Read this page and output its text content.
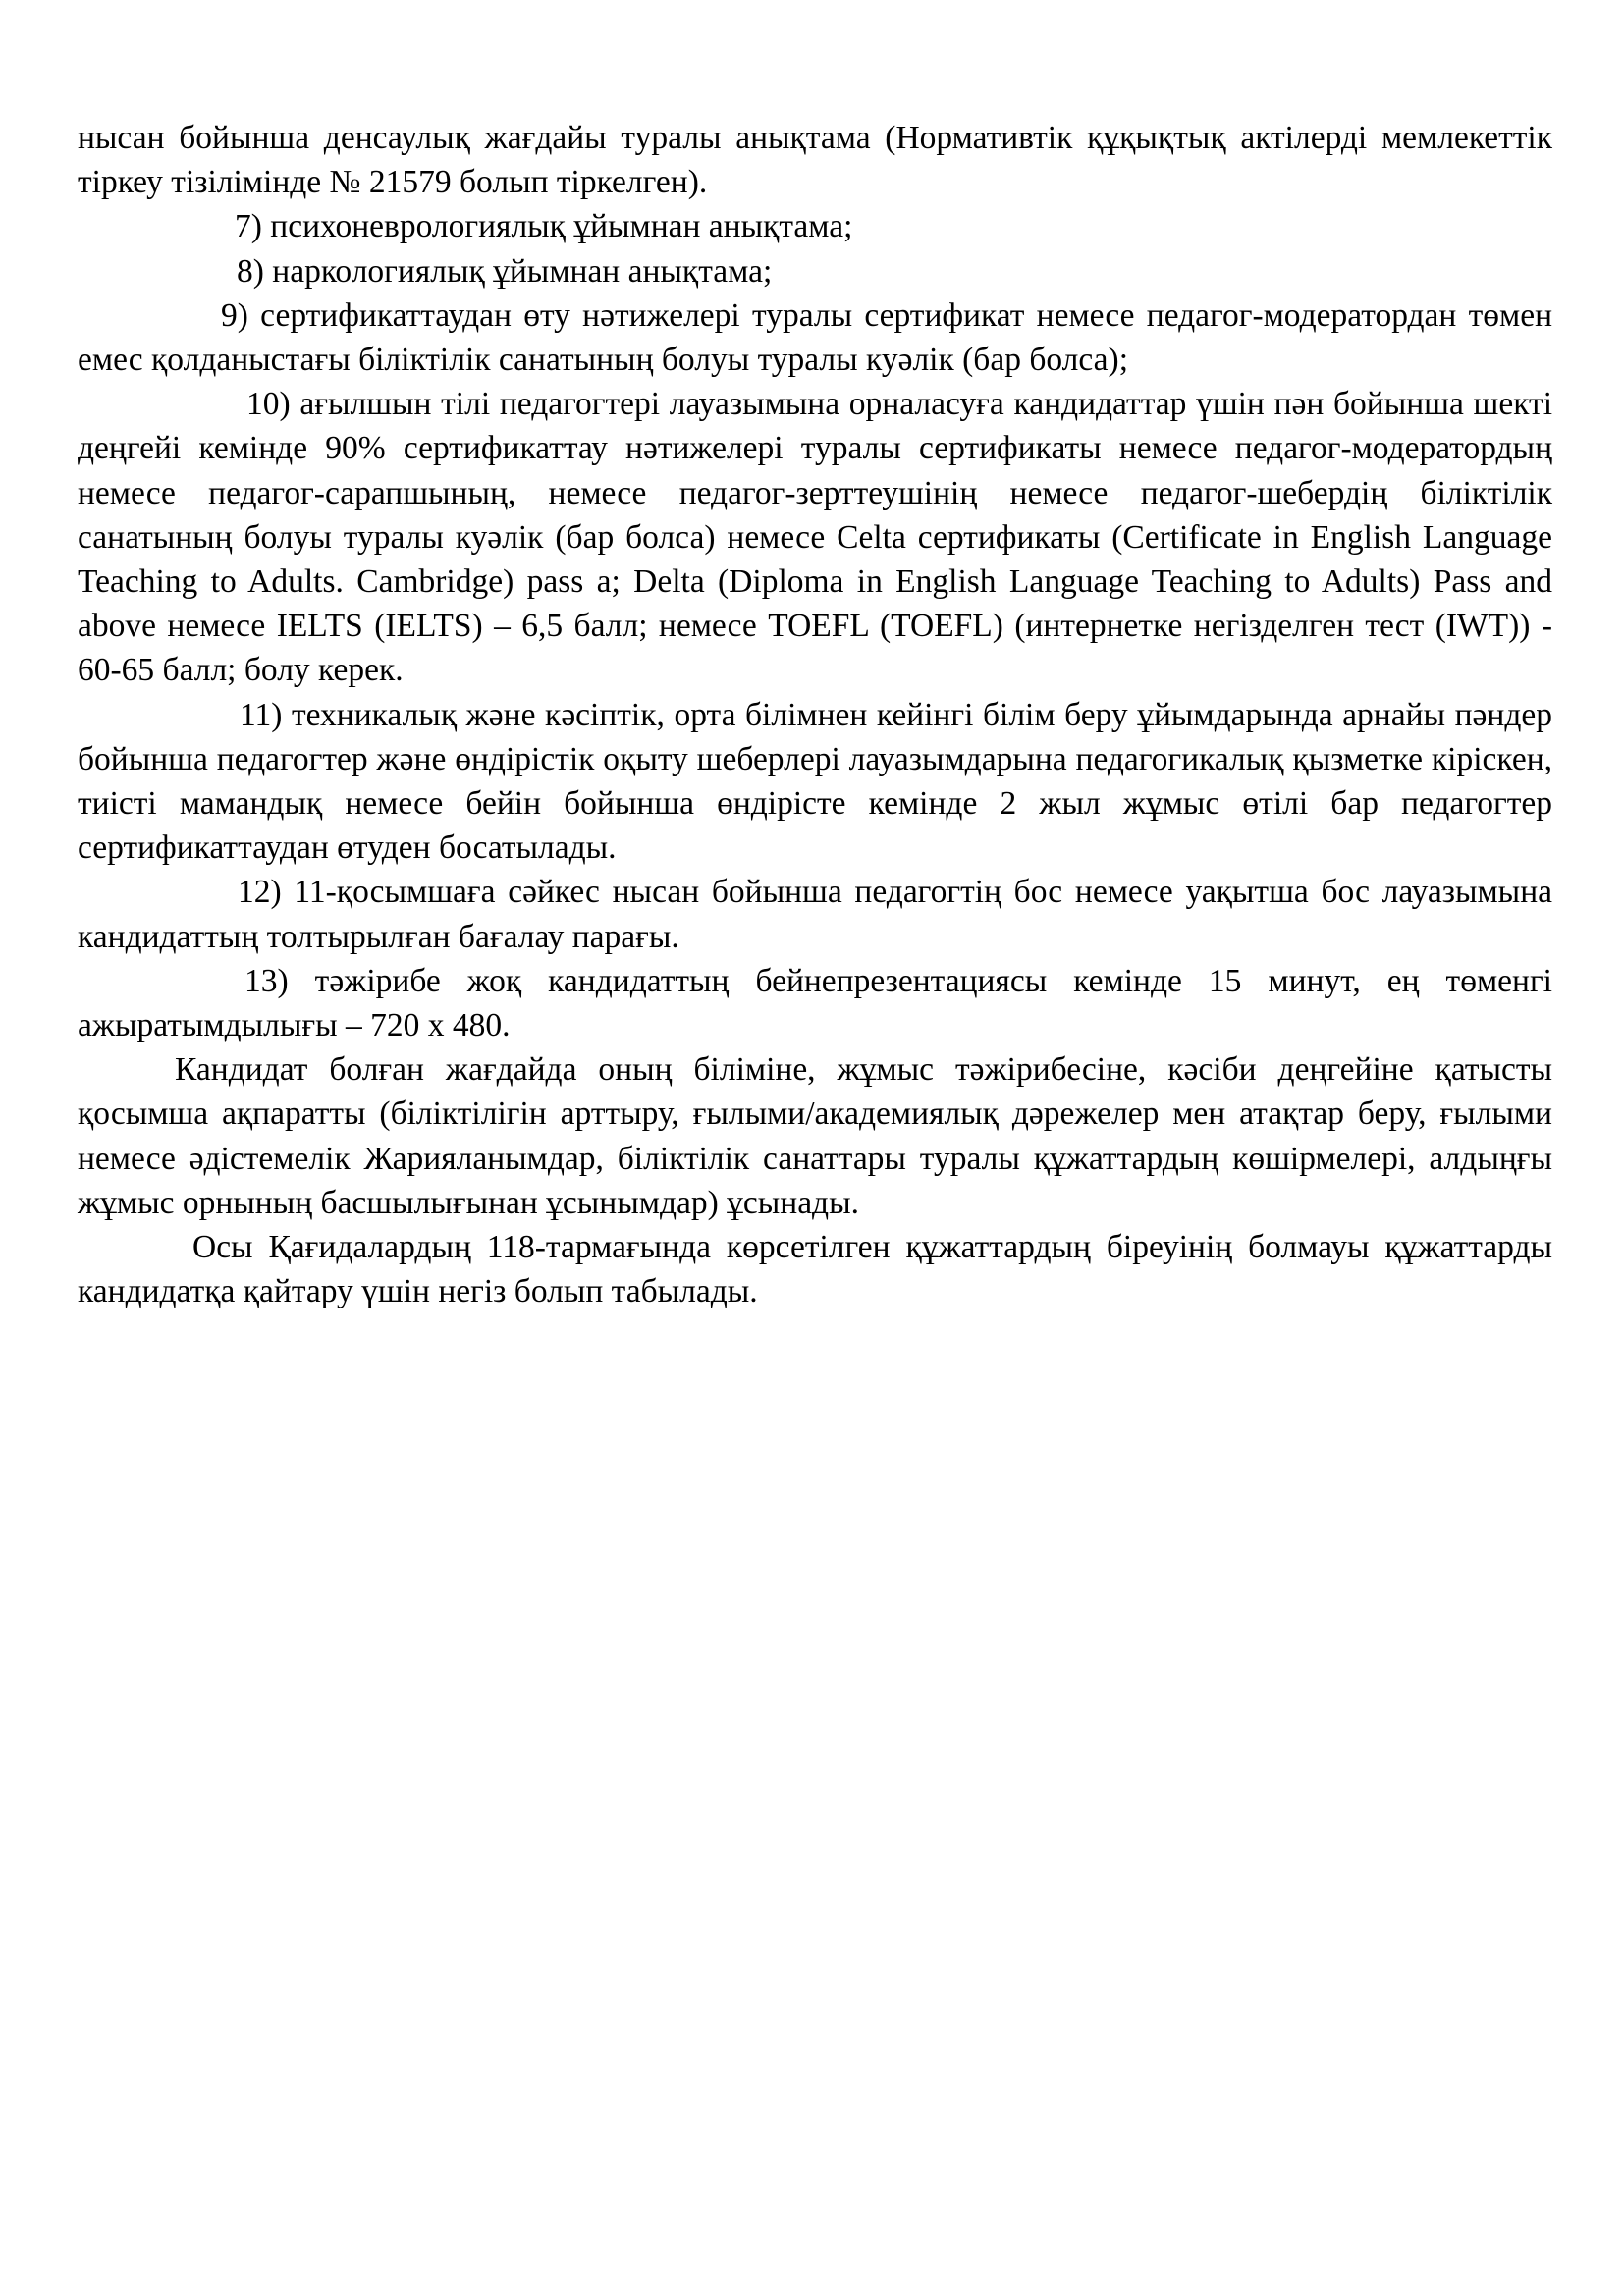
нысан бойынша денсаулық жағдайы туралы анықтама (Нормативтік құқықтық актілерді мемлекеттік тіркеу тізілімінде № 21579 болып тіркелген).

7) психоневрологиялық ұйымнан анықтама;

8) наркологиялық ұйымнан анықтама;

9) сертификаттаудан өту нәтижелері туралы сертификат немесе педагог-модератордан төмен емес қолданыстағы біліктілік санатының болуы туралы куәлік (бар болса);

10) ағылшын тілі педагогтері лауазымына орналасуға кандидаттар үшін пән бойынша шекті деңгейі кемінде 90% сертификаттау нәтижелері туралы сертификаты немесе педагог-модератордың немесе педагог-сарапшының, немесе педагог-зерттеушінің немесе педагог-шебердің біліктілік санатының болуы туралы куәлік (бар болса) немесе Celta сертификаты (Certificate in English Language Teaching to Adults. Cambridge) pass a; Delta (Diploma in English Language Teaching to Adults) Pass and above немесе IELTS (IELTS) – 6,5 балл; немесе TOEFL (TOEFL) (интернетке негізделген тест (IWT)) - 60-65 балл; болу керек.

11) техникалық және кәсіптік, орта білімнен кейінгі білім беру ұйымдарында арнайы пәндер бойынша педагогтер және өндірістік оқыту шеберлері лауазымдарына педагогикалық қызметке кіріскен, тиісті мамандық немесе бейін бойынша өндірісте кемінде 2 жыл жұмыс өтілі бар педагогтер сертификаттаудан өтуден босатылады.

12) 11-қосымшаға сәйкес нысан бойынша педагогтің бос немесе уақытша бос лауазымына кандидаттың толтырылған бағалау парағы.

13) тәжірибе жоқ кандидаттың бейнепрезентациясы кемінде 15 минут, ең төменгі ажыратымдылығы – 720 x 480.

Кандидат болған жағдайда оның біліміне, жұмыс тәжірибесіне, кәсіби деңгейіне қатысты қосымша ақпаратты (біліктілігін арттыру, ғылыми/академиялық дәрежелер мен атақтар беру, ғылыми немесе әдістемелік Жарияланымдар, біліктілік санаттары туралы құжаттардың көшірмелері, алдыңғы жұмыс орнының басшылығынан ұсынымдар) ұсынады.

Осы Қағидалардың 118-тармағында көрсетілген құжаттардың біреуінің болмауы құжаттарды кандидатқа қайтару үшін негіз болып табылады.
